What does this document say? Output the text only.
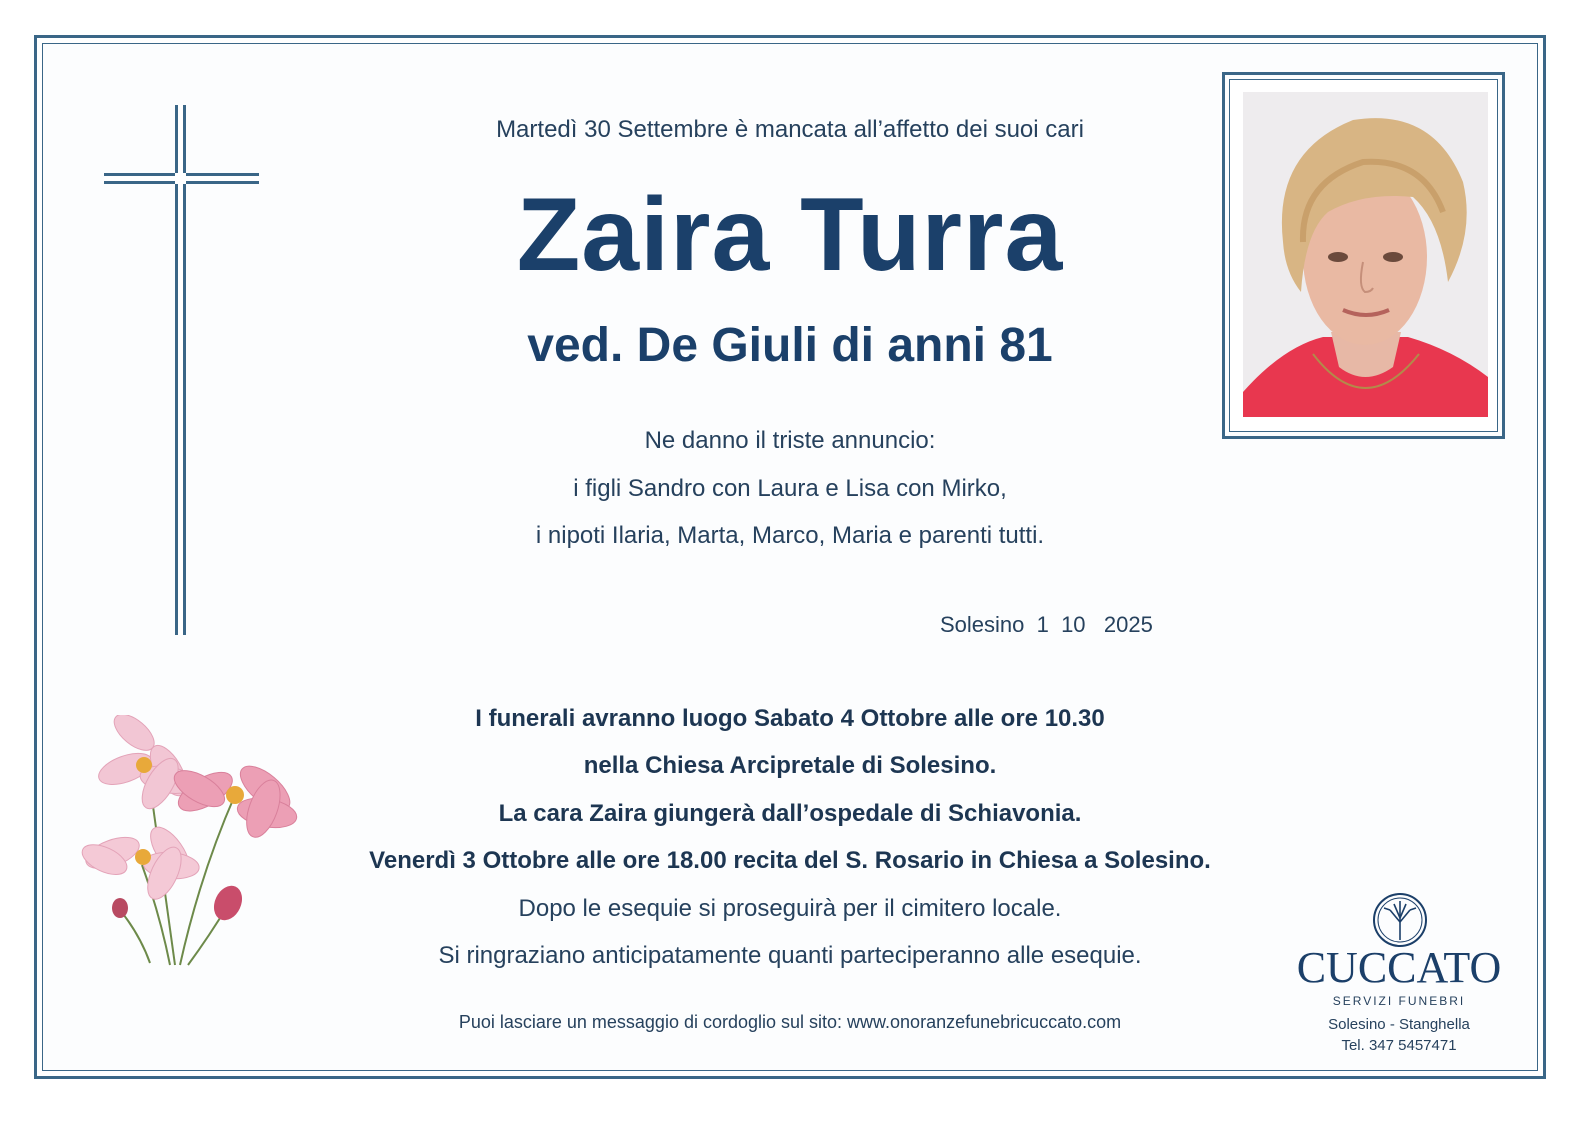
Martedì 30 Settembre è mancata all’affetto dei suoi cari
Zaira Turra
ved. De Giuli di anni 81
Ne danno il triste annuncio:
i figli Sandro con Laura e Lisa con Mirko,
i nipoti Ilaria, Marta, Marco, Maria e parenti tutti.
Solesino  1  10   2025
I funerali avranno luogo Sabato 4 Ottobre alle ore 10.30
nella Chiesa Arcipretale di Solesino.
La cara Zaira giungerà dall’ospedale di Schiavonia.
Venerdì 3 Ottobre alle ore 18.00 recita del S. Rosario in Chiesa a Solesino.
Dopo le esequie si proseguirà per il cimitero locale.
Si ringraziano anticipatamente quanti parteciperanno alle esequie.
Puoi lasciare un messaggio di cordoglio sul sito: www.onoranzefunebricuccato.com
CUCCATO
SERVIZI FUNEBRI
Solesino - Stanghella
Tel. 347 5457471
